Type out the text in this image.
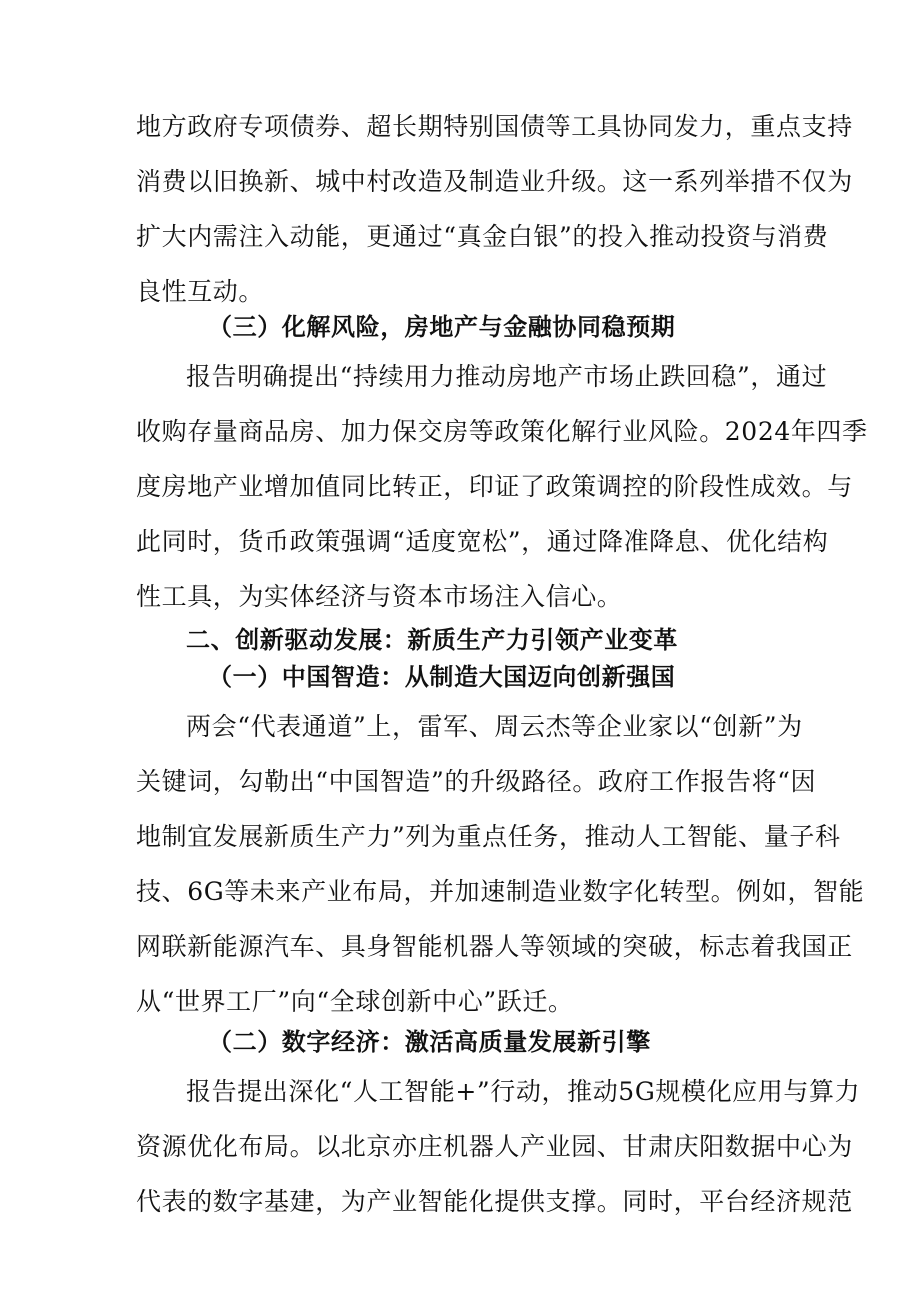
地方政府专项债券、超长期特别国债等工具协同发力，重点支持
消费以旧换新、城中村改造及制造业升级。这一系列举措不仅为
扩大内需注入动能，更通过“真金白银”的投入推动投资与消费
良性互动。
（三）化解风险，房地产与金融协同稳预期
报告明确提出“持续用力推动房地产市场止跌回稳”，通过
收购存量商品房、加力保交房等政策化解行业风险。2024年四季
度房地产业增加值同比转正，印证了政策调控的阶段性成效。与
此同时，货币政策强调“适度宽松”，通过降准降息、优化结构
性工具，为实体经济与资本市场注入信心。
二、创新驱动发展：新质生产力引领产业变革
（一）中国智造：从制造大国迈向创新强国
两会“代表通道”上，雷军、周云杰等企业家以“创新”为
关键词，勾勒出“中国智造”的升级路径。政府工作报告将“因
地制宜发展新质生产力”列为重点任务，推动人工智能、量子科
技、6G等未来产业布局，并加速制造业数字化转型。例如，智能
网联新能源汽车、具身智能机器人等领域的突破，标志着我国正
从“世界工厂”向“全球创新中心”跃迁。
（二）数字经济：激活高质量发展新引擎
报告提出深化“人工智能+”行动，推动5G规模化应用与算力
资源优化布局。以北京亦庄机器人产业园、甘肃庆阳数据中心为
代表的数字基建，为产业智能化提供支撑。同时，平台经济规范
